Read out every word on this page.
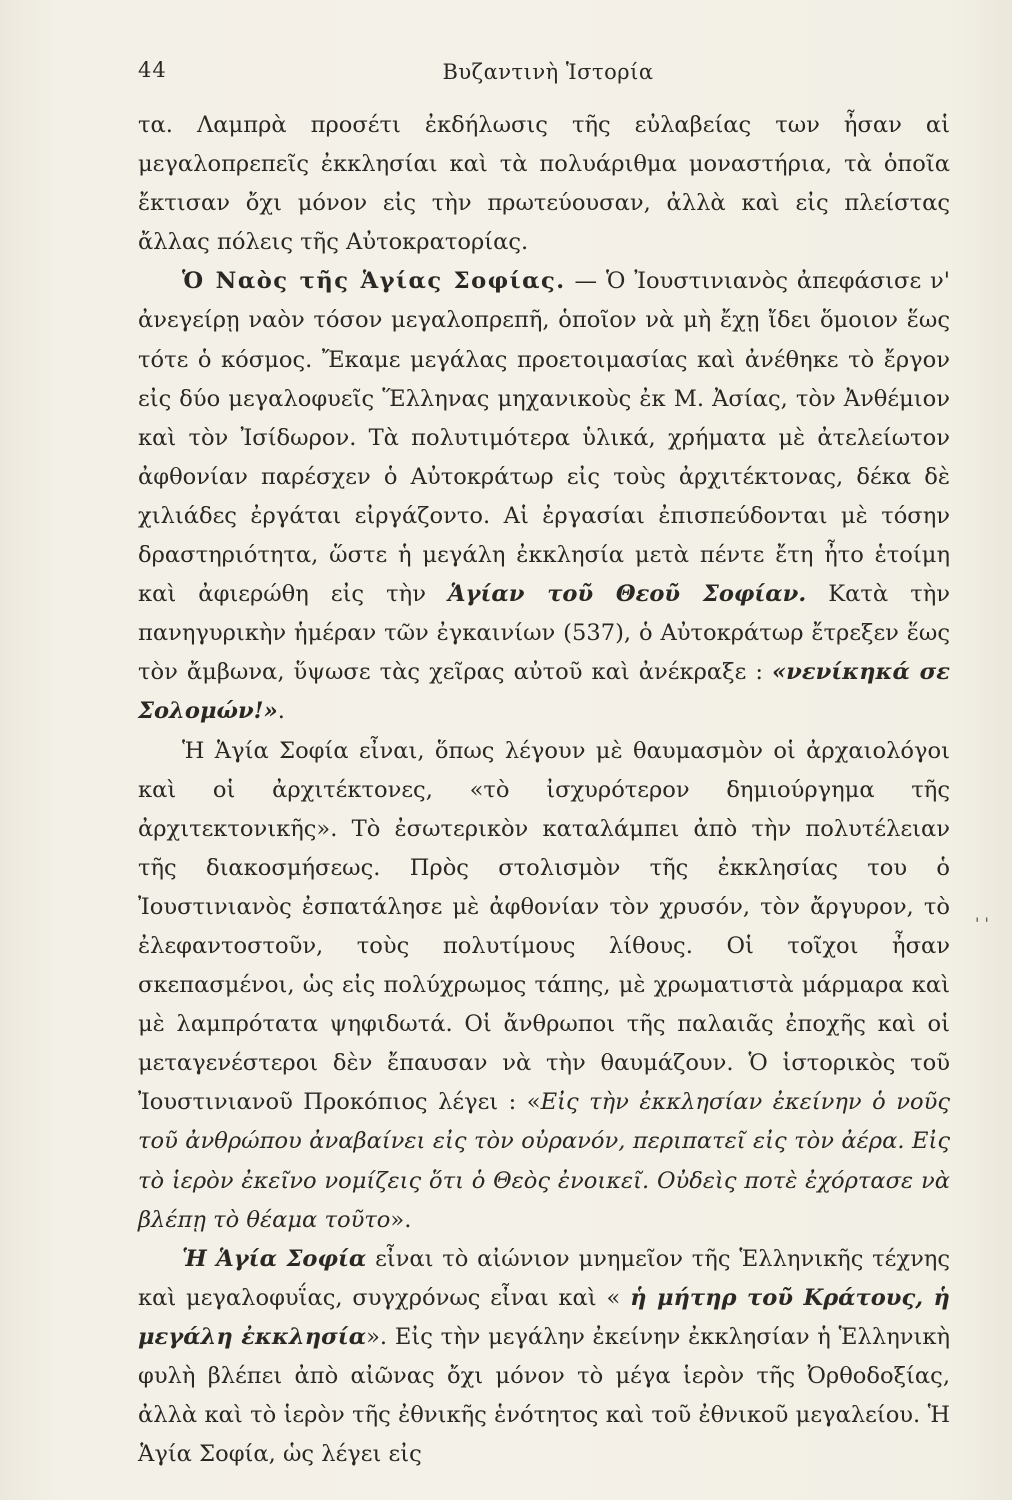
44	Βυζαντινὴ Ἱστορία

τα. Λαμπρὰ προσέτι ἐκδήλωσις τῆς εὐλαβείας των ἦσαν αἱ μεγαλοπρεπεῖς ἐκκλησίαι καὶ τὰ πολυάριθμα μοναστήρια, τὰ ὁποῖα ἔκτισαν ὄχι μόνον εἰς τὴν πρωτεύουσαν, ἀλλὰ καὶ εἰς πλείστας ἄλλας πόλεις τῆς Αὐτοκρατορίας.

Ὁ Ναὸς τῆς Ἁγίας Σοφίας. — Ὁ Ἰουστινιανὸς ἀπεφάσισε ν' ἀνεγείρῃ ναὸν τόσον μεγαλοπρεπῆ, ὁποῖον νὰ μὴ ἔχῃ ἴδει ὅμοιον ἕως τότε ὁ κόσμος. Ἔκαμε μεγάλας προετοιμασίας καὶ ἀνέθηκε τὸ ἔργον εἰς δύο μεγαλοφυεῖς Ἕλληνας μηχανικοὺς ἐκ Μ. Ἀσίας, τὸν Ἀνθέμιον καὶ τὸν Ἰσίδωρον. Τὰ πολυτιμότερα ὑλικά, χρήματα μὲ ἀτελείωτον ἀφθονίαν παρέσχεν ὁ Αὐτοκράτωρ εἰς τοὺς ἀρχιτέκτονας, δέκα δὲ χιλιάδες ἐργάται εἰργάζοντο. Αἱ ἐργασίαι ἐπισπεύδονται μὲ τόσην δραστηριότητα, ὥστε ἡ μεγάλη ἐκκλησία μετὰ πέντε ἔτη ἦτο ἑτοίμη καὶ ἀφιερώθη εἰς τὴν Ἁγίαν τοῦ Θεοῦ Σοφίαν. Κατὰ τὴν πανηγυρικὴν ἡμέραν τῶν ἐγκαινίων (537), ὁ Αὐτοκράτωρ ἔτρεξεν ἕως τὸν ἄμβωνα, ὕψωσε τὰς χεῖρας αὐτοῦ καὶ ἀνέκραξε : «νενίκηκά σε Σολομών!».

Ἡ Ἁγία Σοφία εἶναι, ὅπως λέγουν μὲ θαυμασμὸν οἱ ἀρχαιολόγοι καὶ οἱ ἀρχιτέκτονες, «τὸ ἰσχυρότερον δημιούργημα τῆς ἀρχιτεκτονικῆς». Τὸ ἐσωτερικὸν καταλάμπει ἀπὸ τὴν πολυτέλειαν τῆς διακοσμήσεως. Πρὸς στολισμὸν τῆς ἐκκλησίας του ὁ Ἰουστινιανὸς ἐσπατάλησε μὲ ἀφθονίαν τὸν χρυσόν, τὸν ἄργυρον, τὸ ἐλεφαντοστοῦν, τοὺς πολυτίμους λίθους. Οἱ τοῖχοι ἦσαν σκεπασμένοι, ὡς εἰς πολύχρωμος τάπης, μὲ χρωματιστὰ μάρμαρα καὶ μὲ λαμπρότατα ψηφιδωτά. Οἱ ἄνθρωποι τῆς παλαιᾶς ἐποχῆς καὶ οἱ μεταγενέστεροι δὲν ἔπαυσαν νὰ τὴν θαυμάζουν. Ὁ ἱστορικὸς τοῦ Ἰουστινιανοῦ Προκόπιος λέγει : «Εἰς τὴν ἐκκλησίαν ἐκείνην ὁ νοῦς τοῦ ἀνθρώπου ἀναβαίνει εἰς τὸν οὐρανόν, περιπατεῖ εἰς τὸν ἀέρα. Εἰς τὸ ἱερὸν ἐκεῖνο νομίζεις ὅτι ὁ Θεὸς ἐνοικεῖ. Οὐδεὶς ποτὲ ἐχόρτασε νὰ βλέπῃ τὸ θέαμα τοῦτο».

Ἡ Ἁγία Σοφία εἶναι τὸ αἰώνιον μνημεῖον τῆς Ἑλληνικῆς τέχνης καὶ μεγαλοφυΐας, συγχρόνως εἶναι καὶ « ἡ μήτηρ τοῦ Κράτους, ἡ μεγάλη ἐκκλησία». Εἰς τὴν μεγάλην ἐκείνην ἐκκλησίαν ἡ Ἑλληνικὴ φυλὴ βλέπει ἀπὸ αἰῶνας ὄχι μόνον τὸ μέγα ἱερὸν τῆς Ὀρθοδοξίας, ἀλλὰ καὶ τὸ ἱερὸν τῆς ἐθνικῆς ἑνότητος καὶ τοῦ ἐθνικοῦ μεγαλείου. Ἡ Ἁγία Σοφία, ὡς λέγει εἰς

' '
